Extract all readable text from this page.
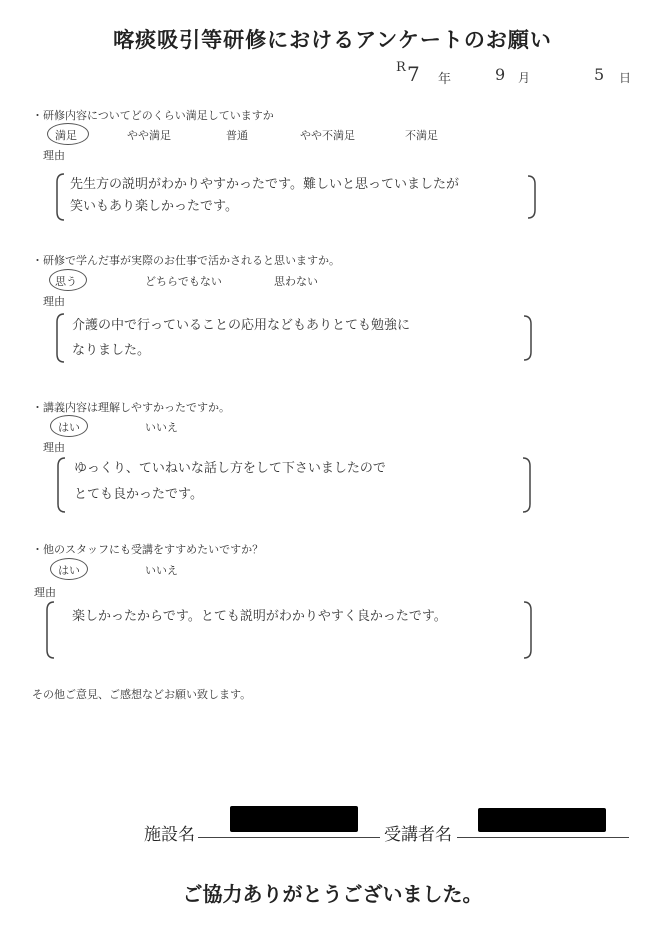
喀痰吸引等研修におけるアンケートのお願い
R 7 年	9 月	5 日
・研修内容についてどのくらい満足していますか
満足	やや満足	普通	やや不満足	不満足
理由
先生方の説明がわかりやすかったです。難しいと思っていましたが
笑いもあり楽しかったです。
・研修で学んだ事が実際のお仕事で活かされると思いますか。
思う	どちらでもない	思わない
理由
介護の中で行っていることの応用などもありとても勉強に
なりました。
・講義内容は理解しやすかったですか。
はい	いいえ
理由
ゆっくり、ていねいな話し方をして下さいましたので
とても良かったです。
・他のスタッフにも受講をすすめたいですか？
はい	いいえ
理由
楽しかったからです。とても説明がわかりやすく良かったです。
その他ご意見、ご感想などお願い致します。
施設名	受講者名
ご協力ありがとうございました。
